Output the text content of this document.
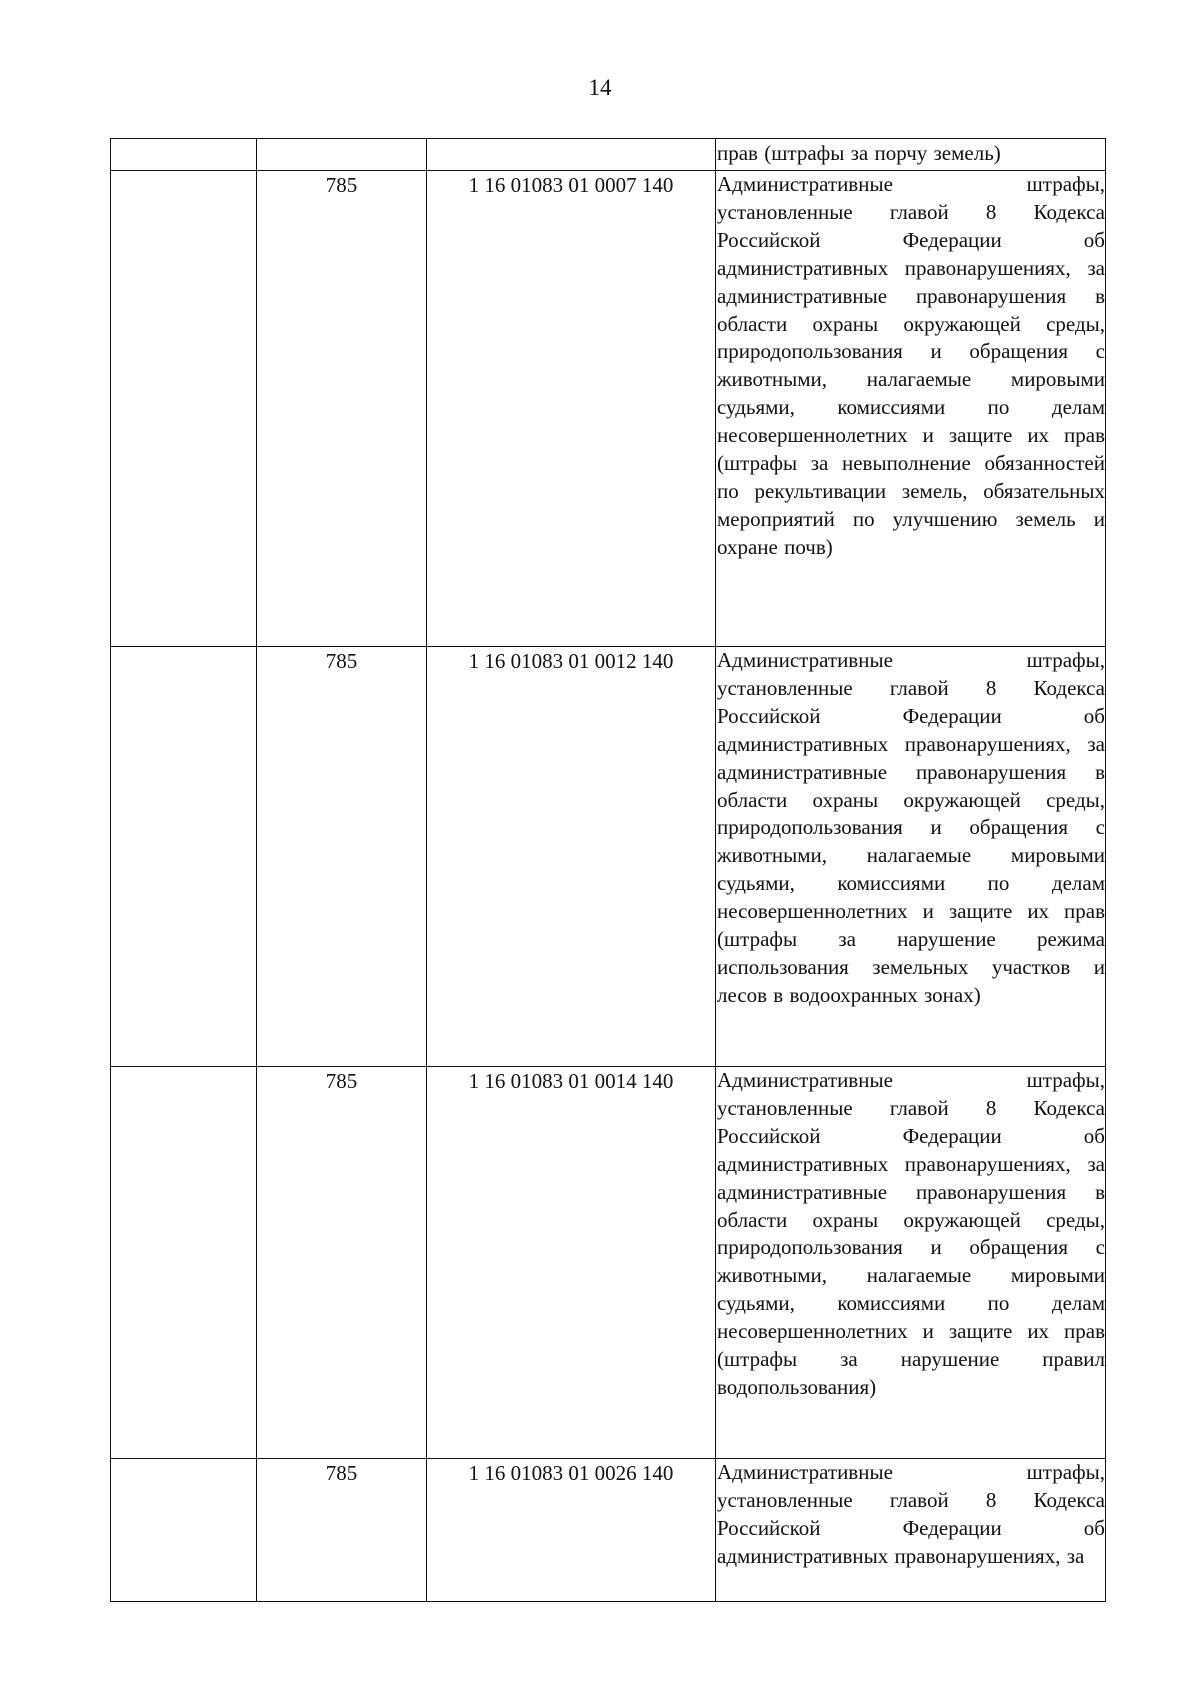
14
			прав (штрафы за порчу земель)
	785	1 16 01083 01 0007 140	Административные штрафы, установленные главой 8 Кодекса Российской Федерации об административных правонарушениях, за административные правонарушения в области охраны окружающей среды, природопользования и обращения с животными, налагаемые мировыми судьями, комиссиями по делам несовершеннолетних и защите их прав (штрафы за невыполнение обязанностей по рекультивации земель, обязательных мероприятий по улучшению земель и охране почв)
	785	1 16 01083 01 0012 140	Административные штрафы, установленные главой 8 Кодекса Российской Федерации об административных правонарушениях, за административные правонарушения в области охраны окружающей среды, природопользования и обращения с животными, налагаемые мировыми судьями, комиссиями по делам несовершеннолетних и защите их прав (штрафы за нарушение режима использования земельных участков и лесов в водоохранных зонах)
	785	1 16 01083 01 0014 140	Административные штрафы, установленные главой 8 Кодекса Российской Федерации об административных правонарушениях, за административные правонарушения в области охраны окружающей среды, природопользования и обращения с животными, налагаемые мировыми судьями, комиссиями по делам несовершеннолетних и защите их прав (штрафы за нарушение правил водопользования)
	785	1 16 01083 01 0026 140	Административные штрафы, установленные главой 8 Кодекса Российской Федерации об административных правонарушениях, за
